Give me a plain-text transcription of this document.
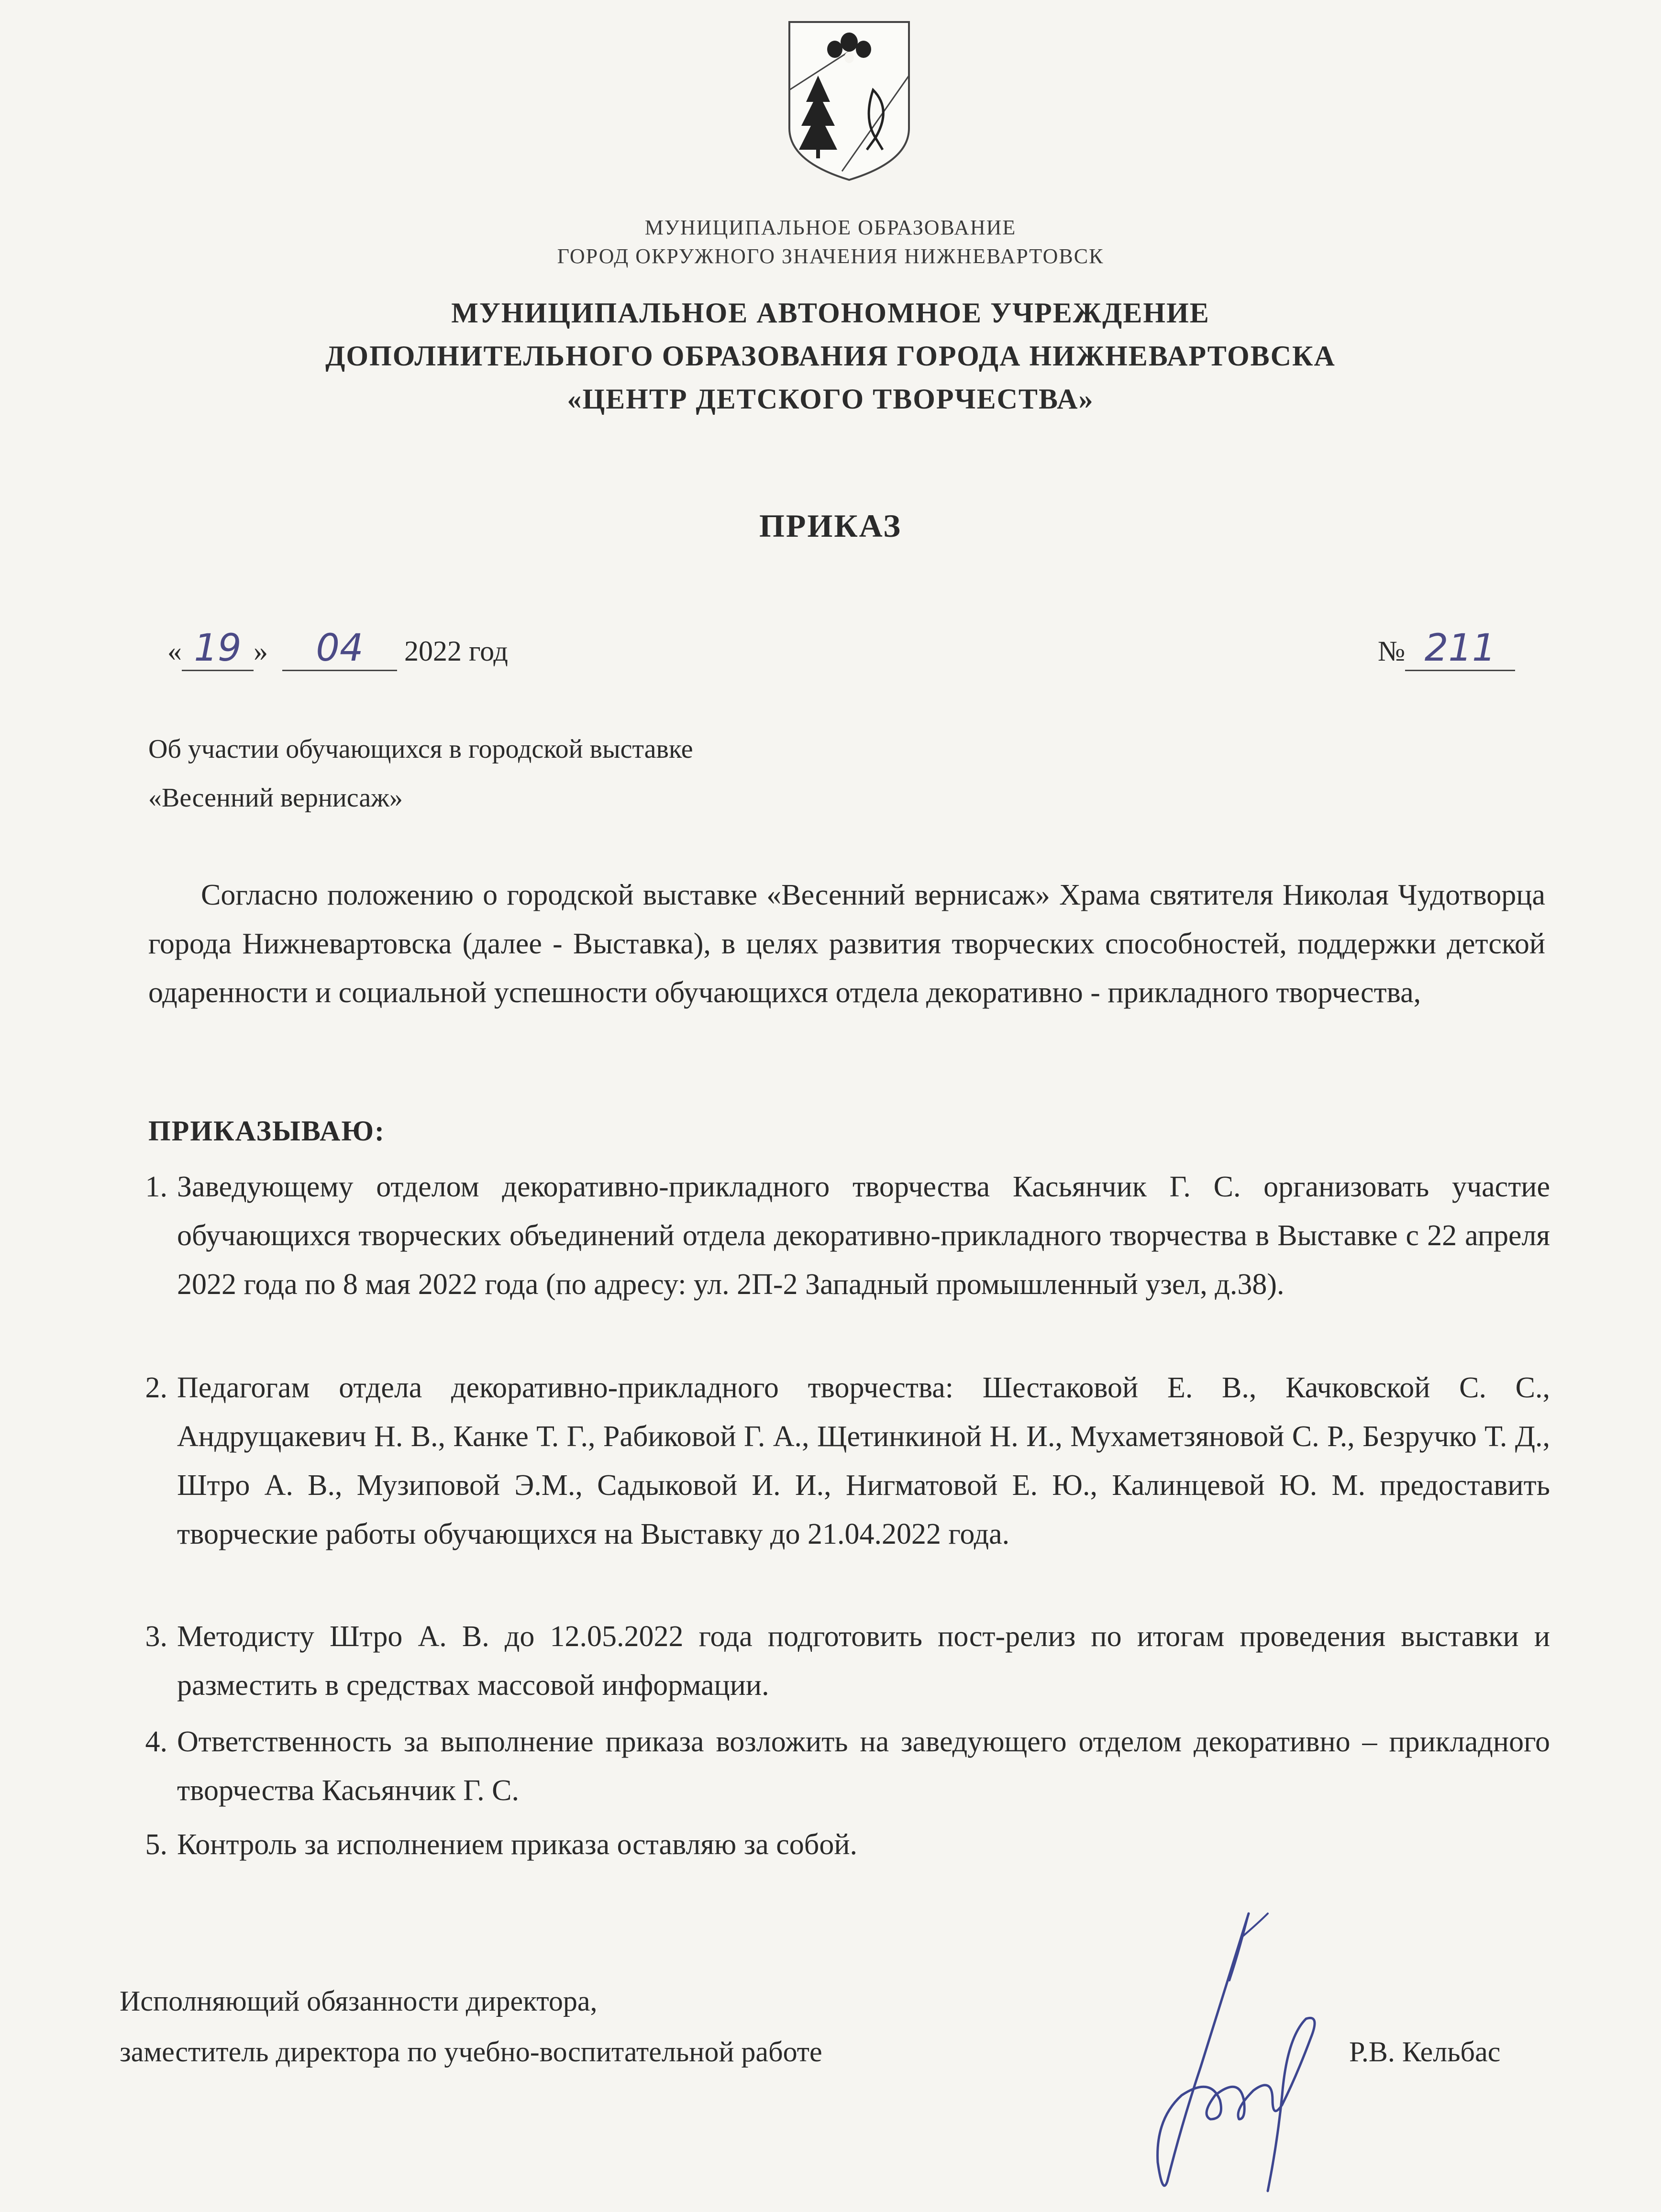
МУНИЦИПАЛЬНОЕ ОБРАЗОВАНИЕ
ГОРОД ОКРУЖНОГО ЗНАЧЕНИЯ НИЖНЕВАРТОВСК
МУНИЦИПАЛЬНОЕ АВТОНОМНОЕ УЧРЕЖДЕНИЕ
ДОПОЛНИТЕЛЬНОГО ОБРАЗОВАНИЯ ГОРОДА НИЖНЕВАРТОВСКА
«ЦЕНТР ДЕТСКОГО ТВОРЧЕСТВА»
ПРИКАЗ
« 19 » 04 2022 год	№ 211
Об участии обучающихся в городской выставке
«Весенний вернисаж»
Согласно положению о городской выставке «Весенний вернисаж» Храма святителя Николая Чудотворца города Нижневартовска (далее - Выставка), в целях развития творческих способностей, поддержки детской одаренности и социальной успешности обучающихся отдела декоративно - прикладного творчества,
ПРИКАЗЫВАЮ:
1. Заведующему отделом декоративно-прикладного творчества Касьянчик Г. С. организовать участие обучающихся творческих объединений отдела декоративно-прикладного творчества в Выставке с 22 апреля 2022 года по 8 мая 2022 года (по адресу: ул. 2П-2 Западный промышленный узел, д.38).
2. Педагогам отдела декоративно-прикладного творчества: Шестаковой Е. В., Качковской С. С., Андрущакевич Н. В., Канке Т. Г., Рабиковой Г. А., Щетинкиной Н. И., Мухаметзяновой С. Р., Безручко Т. Д., Штро А. В., Музиповой Э.М., Садыковой И. И., Нигматовой Е. Ю., Калинцевой Ю. М. предоставить творческие работы обучающихся на Выставку до 21.04.2022 года.
3. Методисту Штро А. В. до 12.05.2022 года подготовить пост-релиз по итогам проведения выставки и разместить в средствах массовой информации.
4. Ответственность за выполнение приказа возложить на заведующего отделом декоративно – прикладного творчества Касьянчик Г. С.
5. Контроль за исполнением приказа оставляю за собой.
Исполняющий обязанности директора,
заместитель директора по учебно-воспитательной работе	Р.В. Кельбас
